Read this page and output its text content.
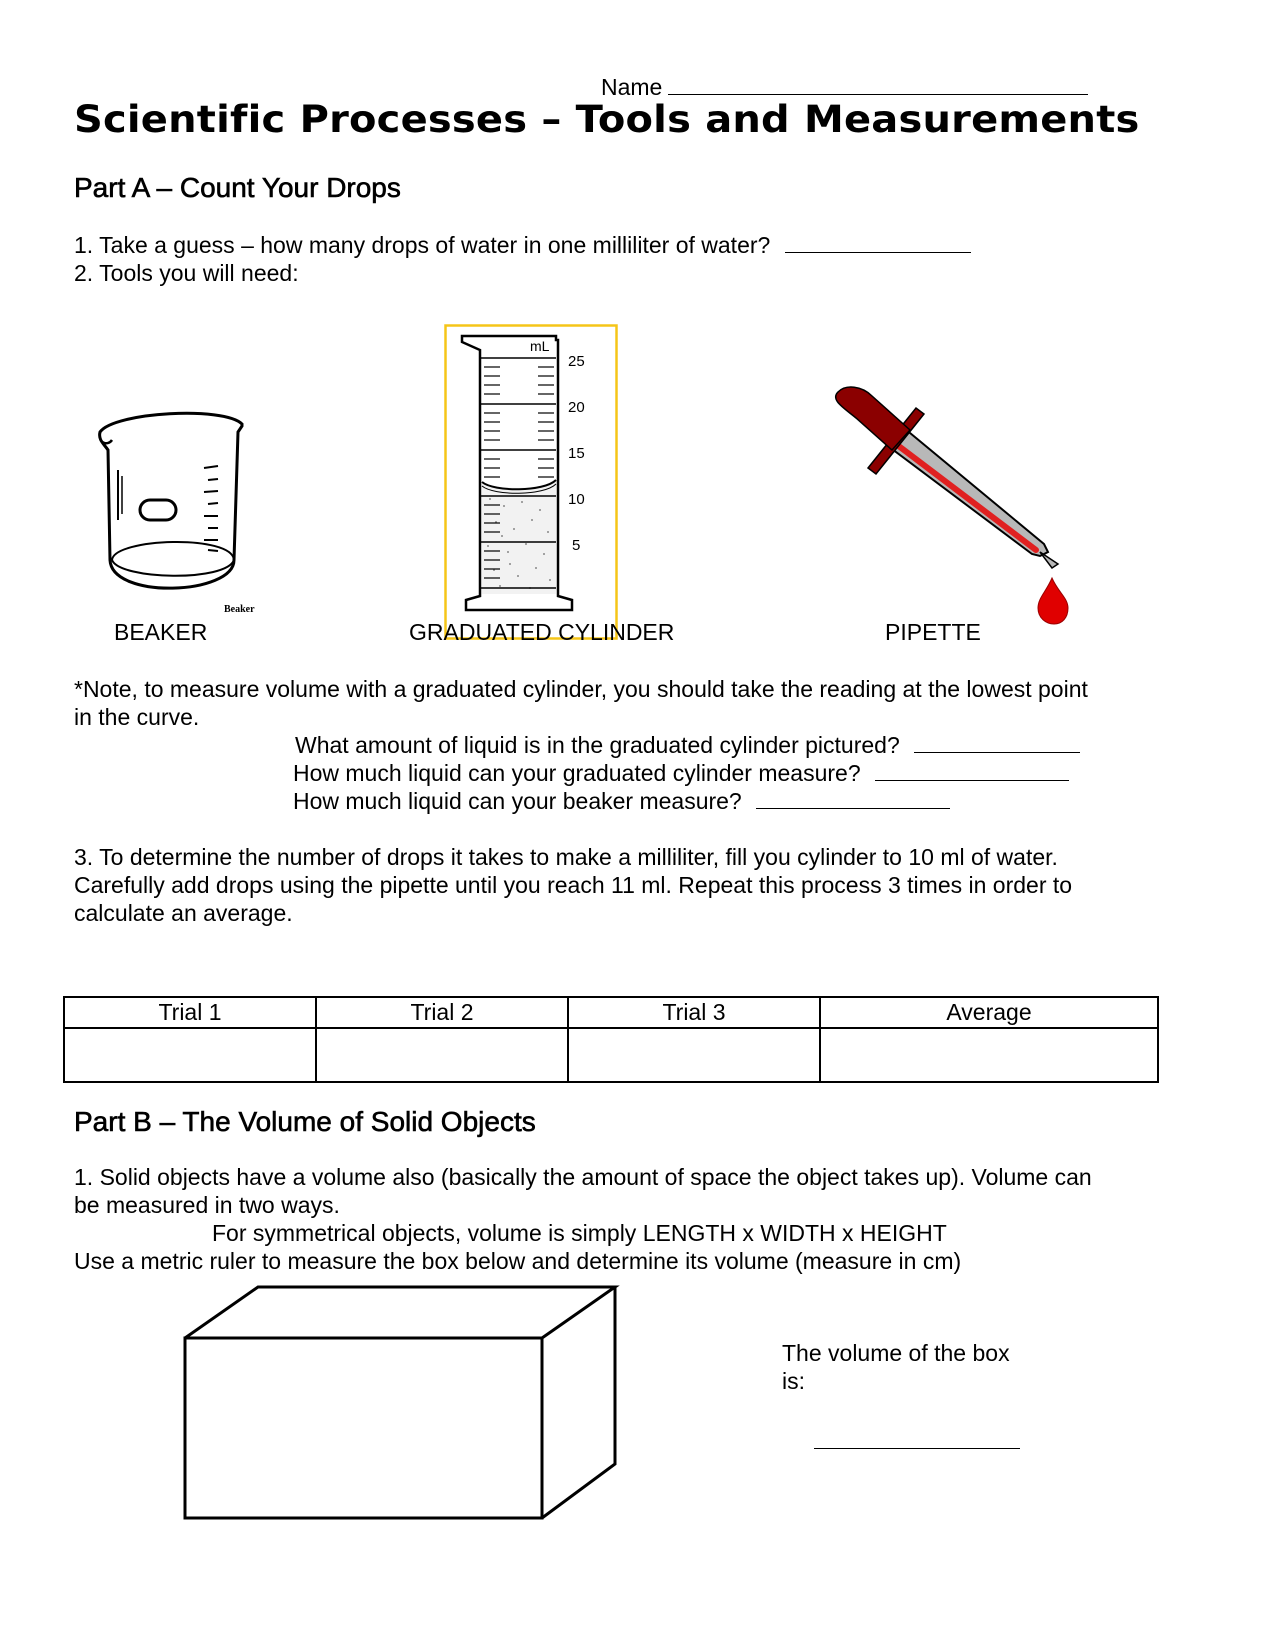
Name
Scientific Processes – Tools and Measurements
Part A – Count Your Drops
1. Take a guess – how many drops of water in one milliliter of water?
2. Tools you will need:
Beaker
mL
25
20
15
10
5
BEAKER	GRADUATED CYLINDER	PIPETTE
*Note, to measure volume with a graduated cylinder, you should take the reading at the lowest point
in the curve.
What amount of liquid is in the graduated cylinder pictured?
How much liquid can your graduated cylinder measure?
How much liquid can your beaker measure?
3. To determine the number of drops it takes to make a milliliter, fill you cylinder to 10 ml of water.
Carefully add drops using the pipette until you reach 11 ml. Repeat this process 3 times in order to
calculate an average.
Trial 1	Trial 2	Trial 3	Average

Part B – The Volume of Solid Objects
1. Solid objects have a volume also (basically the amount of space the object takes up). Volume can
be measured in two ways.
For symmetrical objects, volume is simply LENGTH x WIDTH x HEIGHT
Use a metric ruler to measure the box below and determine its volume (measure in cm)
The volume of the box
is:
